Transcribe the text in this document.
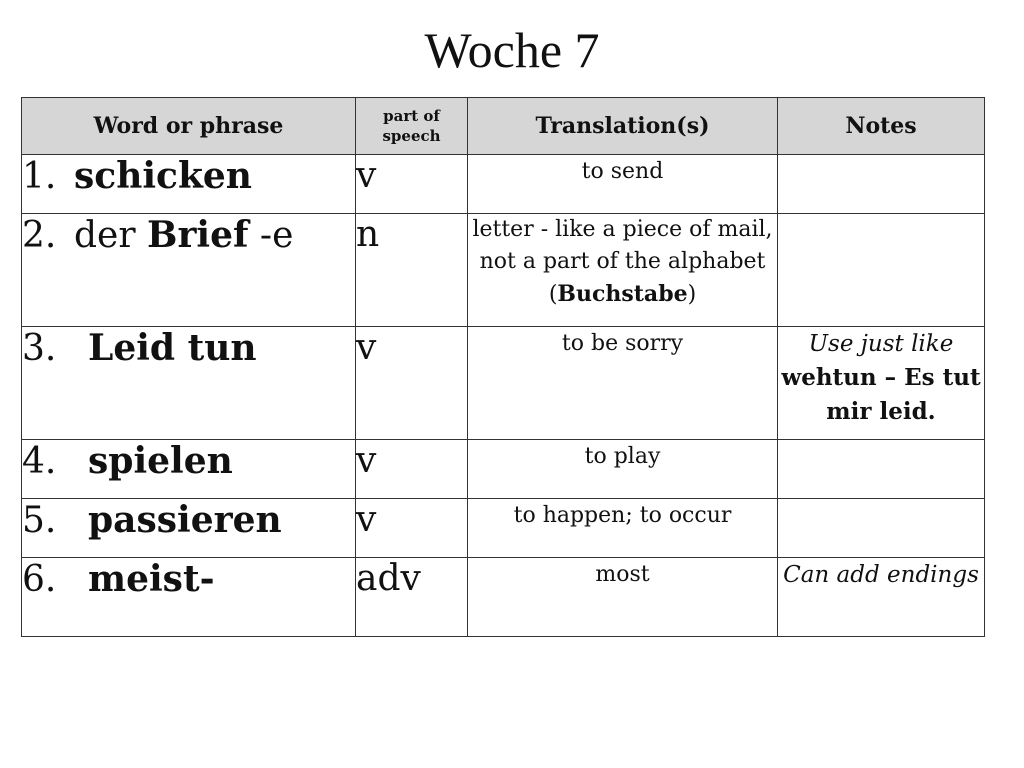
Woche 7
Word or phrase	part of speech	Translation(s)	Notes
1. schicken	v	to send	
2. der Brief -e	n	letter - like a piece of mail, not a part of the alphabet (Buchstabe)	
3. Leid tun	v	to be sorry	Use just like wehtun – Es tut mir leid.
4. spielen	v	to play	
5. passieren	v	to happen; to occur	
6. meist-	adv	most	Can add endings
